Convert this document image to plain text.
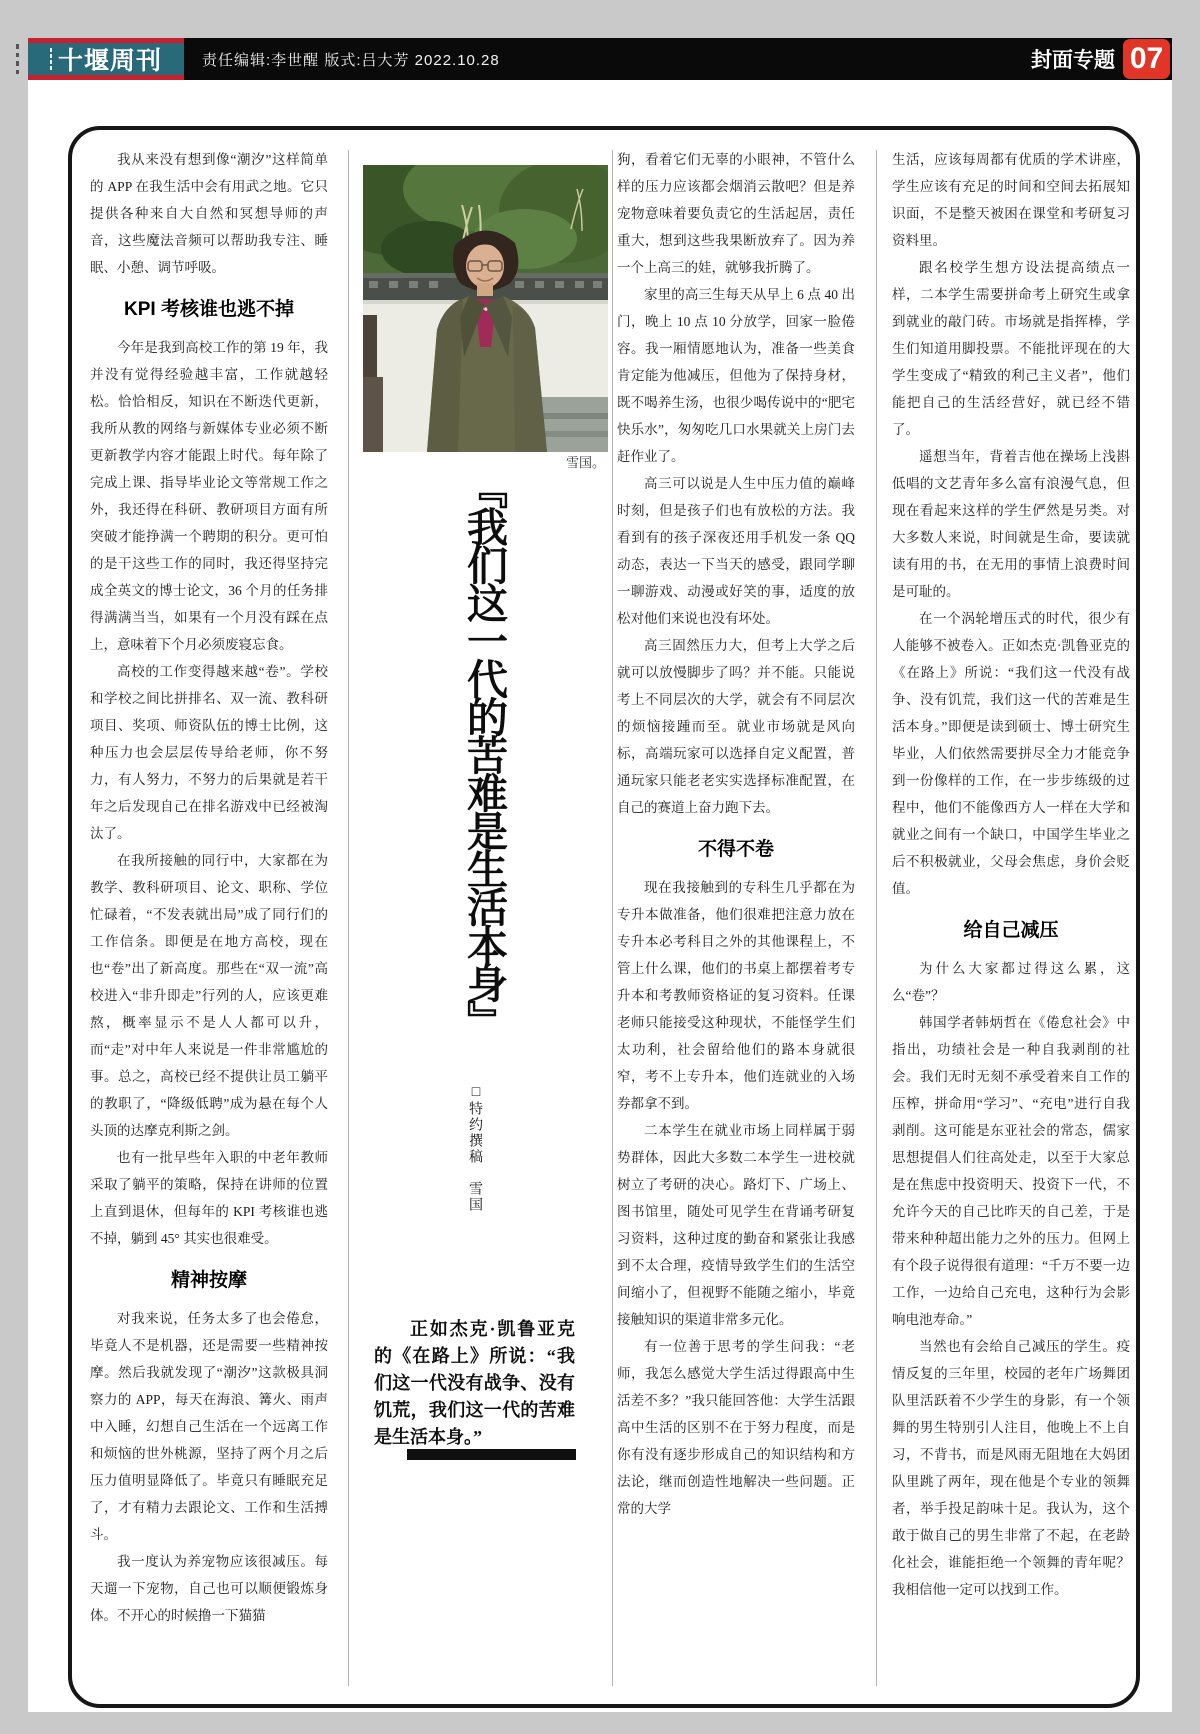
十堰周刊	责任编辑:李世醒 版式:吕大芳 2022.10.28	封面专题 07

我从来没有想到像“潮汐”这样简单的 APP 在我生活中会有用武之地。它只提供各种来自大自然和冥想导师的声音，这些魔法音频可以帮助我专注、睡眠、小憩、调节呼吸。

KPI 考核谁也逃不掉

今年是我到高校工作的第 19 年，我并没有觉得经验越丰富，工作就越轻松。恰恰相反，知识在不断迭代更新，我所从教的网络与新媒体专业必须不断更新教学内容才能跟上时代。每年除了完成上课、指导毕业论文等常规工作之外，我还得在科研、教研项目方面有所突破才能挣满一个聘期的积分。更可怕的是干这些工作的同时，我还得坚持完成全英文的博士论文，36 个月的任务排得满满当当，如果有一个月没有踩在点上，意味着下个月必须废寝忘食。

高校的工作变得越来越“卷”。学校和学校之间比拼排名、双一流、教科研项目、奖项、师资队伍的博士比例，这种压力也会层层传导给老师，你不努力，有人努力，不努力的后果就是若干年之后发现自己在排名游戏中已经被淘汰了。

在我所接触的同行中，大家都在为教学、教科研项目、论文、职称、学位忙碌着，“不发表就出局”成了同行们的工作信条。即便是在地方高校，现在也“卷”出了新高度。那些在“双一流”高校进入“非升即走”行列的人，应该更难熬，概率显示不是人人都可以升，而“走”对中年人来说是一件非常尴尬的事。总之，高校已经不提供让员工躺平的教职了，“降级低聘”成为悬在每个人头顶的达摩克利斯之剑。

也有一批早些年入职的中老年教师采取了躺平的策略，保持在讲师的位置上直到退休，但每年的 KPI 考核谁也逃不掉，躺到 45° 其实也很难受。

精神按摩

对我来说，任务太多了也会倦怠，毕竟人不是机器，还是需要一些精神按摩。然后我就发现了“潮汐”这款极具洞察力的 APP，每天在海浪、篝火、雨声中入睡，幻想自己生活在一个远离工作和烦恼的世外桃源，坚持了两个月之后压力值明显降低了。毕竟只有睡眠充足了，才有精力去跟论文、工作和生活搏斗。

我一度认为养宠物应该很减压。每天遛一下宠物，自己也可以顺便锻炼身体。不开心的时候撸一下猫猫

雪国。
『我们这一代的苦难是生活本身』
□特约撰稿　雪国
正如杰克·凯鲁亚克的《在路上》所说：“我们这一代没有战争、没有饥荒，我们这一代的苦难是生活本身。”

狗，看着它们无辜的小眼神，不管什么样的压力应该都会烟消云散吧？但是养宠物意味着要负责它的生活起居，责任重大，想到这些我果断放弃了。因为养一个上高三的娃，就够我折腾了。

家里的高三生每天从早上 6 点 40 出门，晚上 10 点 10 分放学，回家一脸倦容。我一厢情愿地认为，准备一些美食肯定能为他减压，但他为了保持身材，既不喝养生汤，也很少喝传说中的“肥宅快乐水”，匆匆吃几口水果就关上房门去赶作业了。

高三可以说是人生中压力值的巅峰时刻，但是孩子们也有放松的方法。我看到有的孩子深夜还用手机发一条 QQ 动态，表达一下当天的感受，跟同学聊一聊游戏、动漫或好笑的事，适度的放松对他们来说也没有坏处。

高三固然压力大，但考上大学之后就可以放慢脚步了吗？并不能。只能说考上不同层次的大学，就会有不同层次的烦恼接踵而至。就业市场就是风向标，高端玩家可以选择自定义配置，普通玩家只能老老实实选择标准配置，在自己的赛道上奋力跑下去。

不得不卷

现在我接触到的专科生几乎都在为专升本做准备，他们很难把注意力放在专升本必考科目之外的其他课程上，不管上什么课，他们的书桌上都摆着考专升本和考教师资格证的复习资料。任课老师只能接受这种现状，不能怪学生们太功利，社会留给他们的路本身就很窄，考不上专升本，他们连就业的入场券都拿不到。

二本学生在就业市场上同样属于弱势群体，因此大多数二本学生一进校就树立了考研的决心。路灯下、广场上、图书馆里，随处可见学生在背诵考研复习资料，这种过度的勤奋和紧张让我感到不太合理，疫情导致学生们的生活空间缩小了，但视野不能随之缩小，毕竟接触知识的渠道非常多元化。

有一位善于思考的学生问我：“老师，我怎么感觉大学生活过得跟高中生活差不多？”我只能回答他：大学生活跟高中生活的区别不在于努力程度，而是你有没有逐步形成自己的知识结构和方法论，继而创造性地解决一些问题。正常的大学

生活，应该每周都有优质的学术讲座，学生应该有充足的时间和空间去拓展知识面，不是整天被困在课堂和考研复习资料里。

跟名校学生想方设法提高绩点一样，二本学生需要拼命考上研究生或拿到就业的敲门砖。市场就是指挥棒，学生们知道用脚投票。不能批评现在的大学生变成了“精致的利己主义者”，他们能把自己的生活经营好，就已经不错了。

遥想当年，背着吉他在操场上浅斟低唱的文艺青年多么富有浪漫气息，但现在看起来这样的学生俨然是另类。对大多数人来说，时间就是生命，要读就读有用的书，在无用的事情上浪费时间是可耻的。

在一个涡轮增压式的时代，很少有人能够不被卷入。正如杰克·凯鲁亚克的《在路上》所说：“我们这一代没有战争、没有饥荒，我们这一代的苦难是生活本身。”即便是读到硕士、博士研究生毕业，人们依然需要拼尽全力才能竞争到一份像样的工作，在一步步练级的过程中，他们不能像西方人一样在大学和就业之间有一个缺口，中国学生毕业之后不积极就业，父母会焦虑，身价会贬值。

给自己减压

为什么大家都过得这么累，这么“卷”？

韩国学者韩炳哲在《倦怠社会》中指出，功绩社会是一种自我剥削的社会。我们无时无刻不承受着来自工作的压榨，拼命用“学习”、“充电”进行自我剥削。这可能是东亚社会的常态，儒家思想提倡人们往高处走，以至于大家总是在焦虑中投资明天、投资下一代，不允许今天的自己比昨天的自己差，于是带来种种超出能力之外的压力。但网上有个段子说得很有道理：“千万不要一边工作，一边给自己充电，这种行为会影响电池寿命。”

当然也有会给自己减压的学生。疫情反复的三年里，校园的老年广场舞团队里活跃着不少学生的身影，有一个领舞的男生特别引人注目，他晚上不上自习，不背书，而是风雨无阻地在大妈团队里跳了两年，现在他是个专业的领舞者，举手投足韵味十足。我认为，这个敢于做自己的男生非常了不起，在老龄化社会，谁能拒绝一个领舞的青年呢？我相信他一定可以找到工作。
